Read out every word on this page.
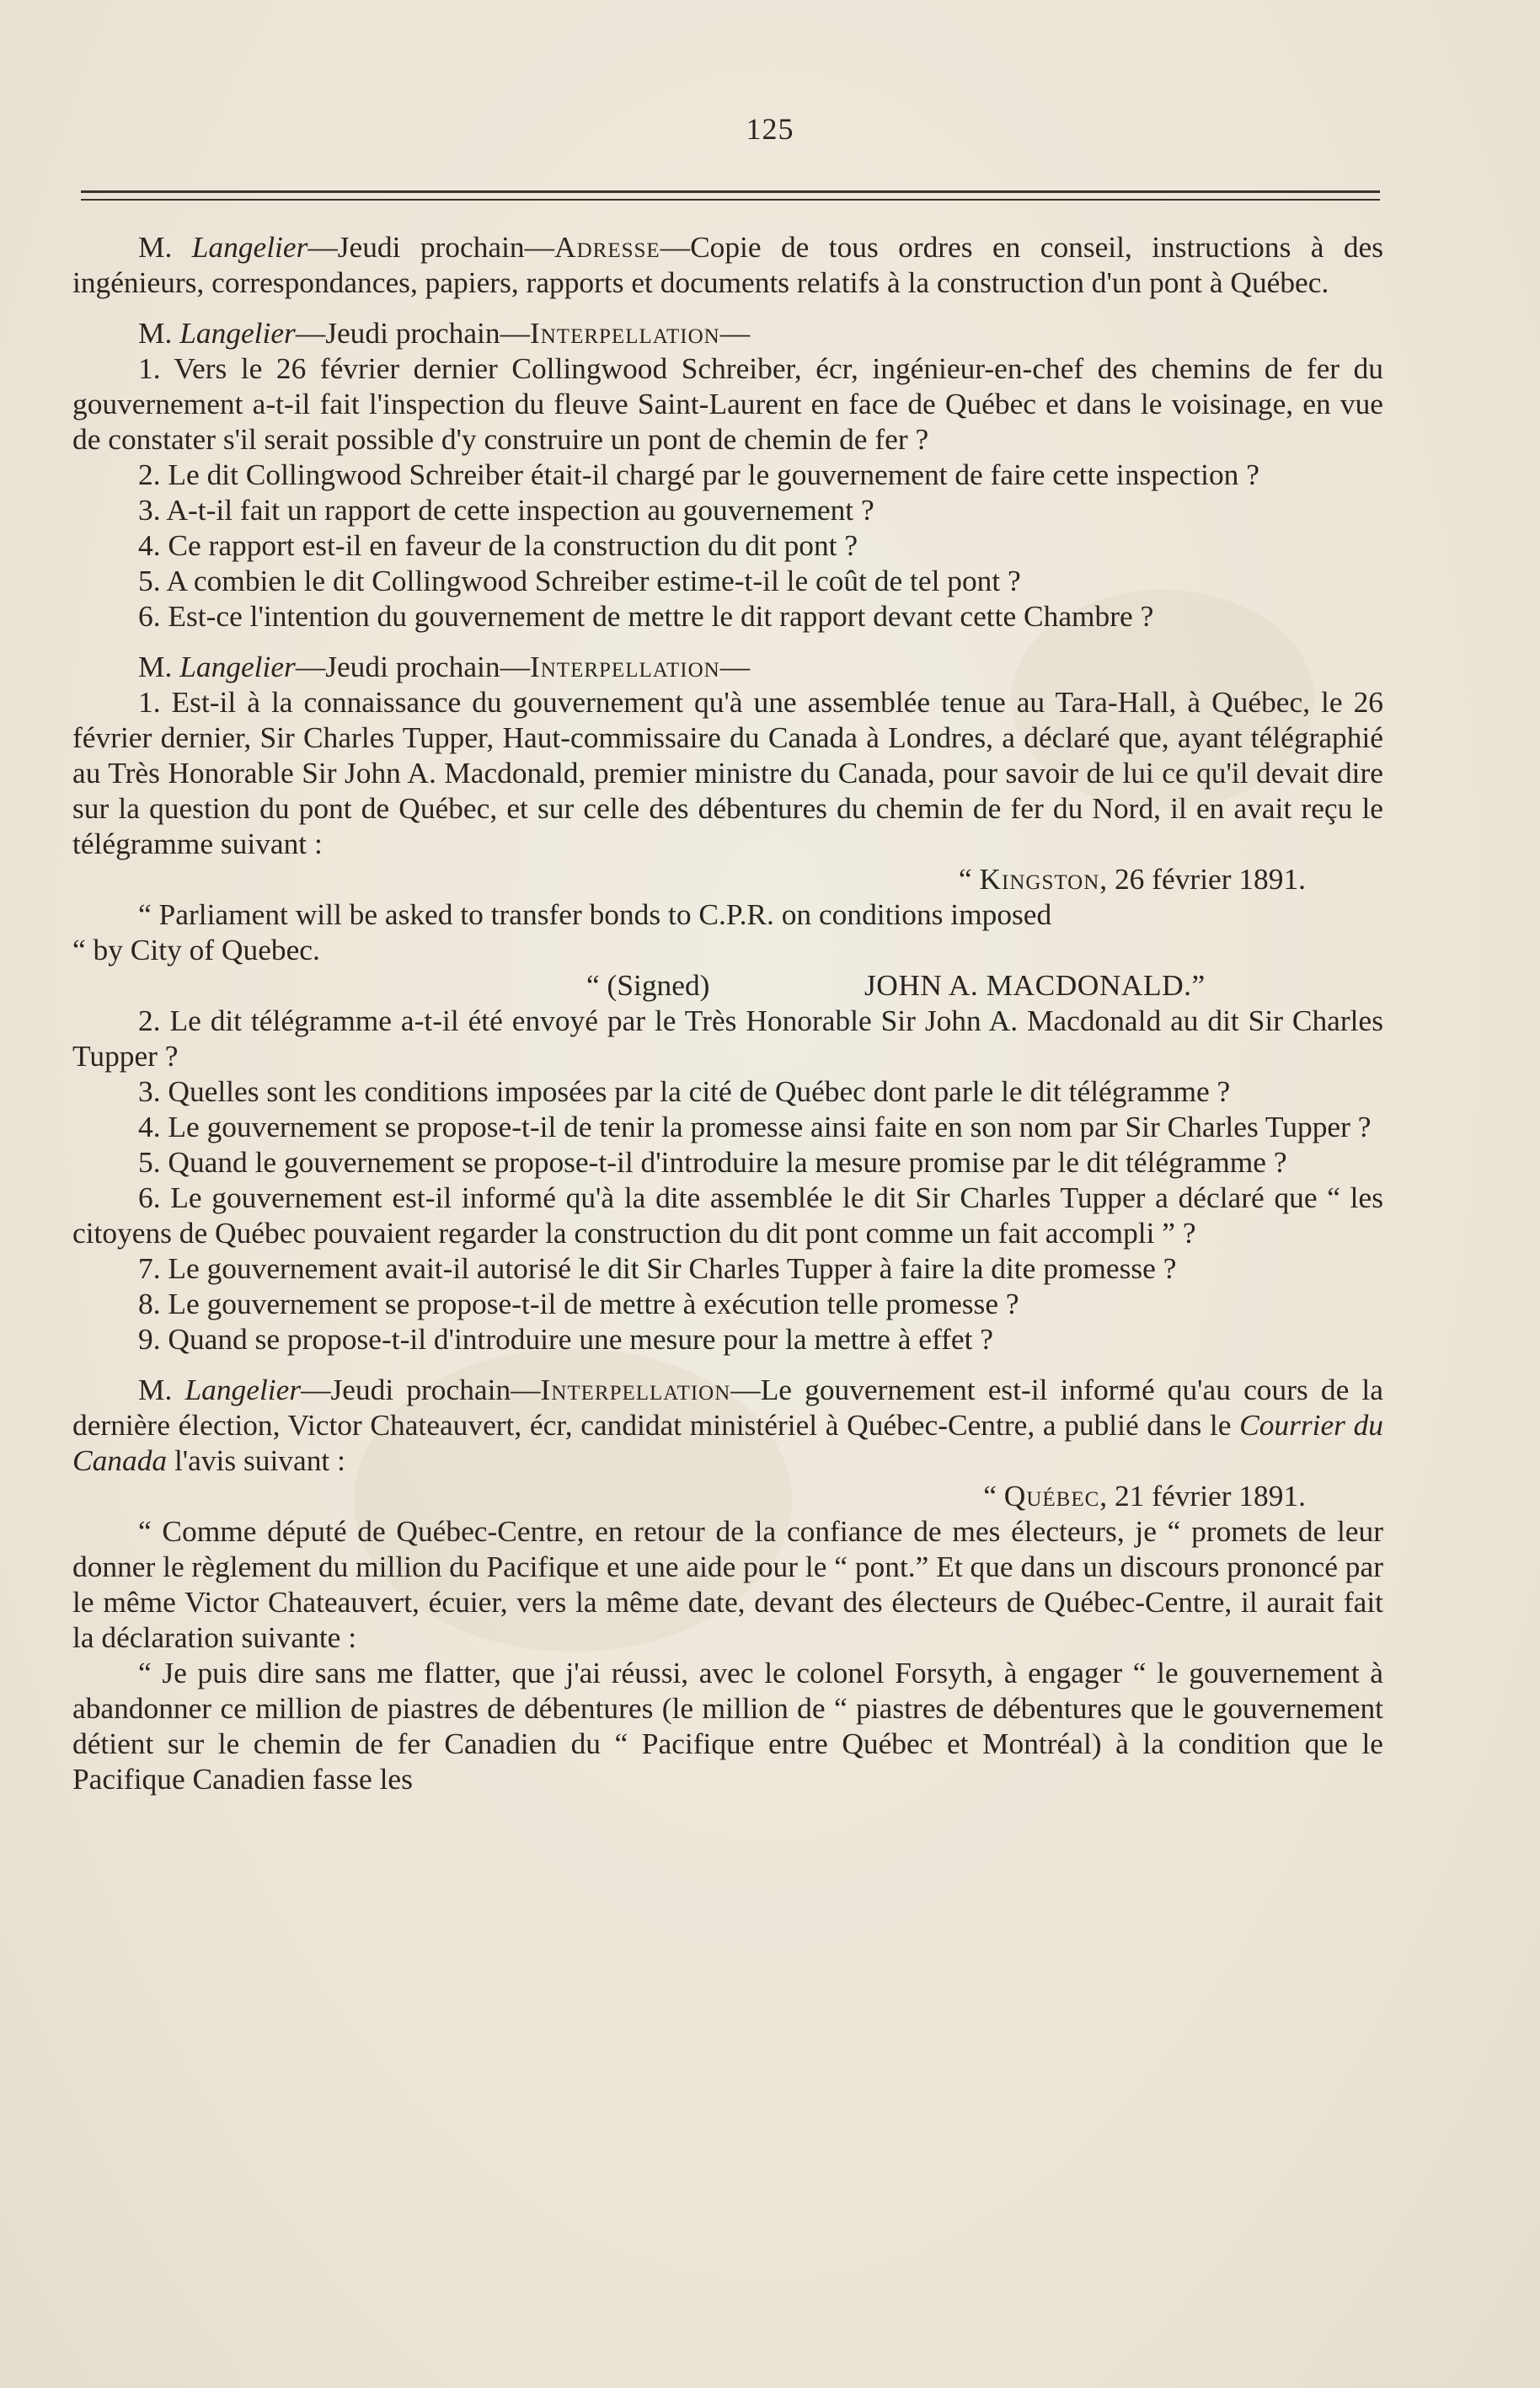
125

M. Langelier—Jeudi prochain—Adresse—Copie de tous ordres en conseil, instructions à des ingénieurs, correspondances, papiers, rapports et documents relatifs à la construction d'un pont à Québec.

M. Langelier—Jeudi prochain—Interpellation—

1. Vers le 26 février dernier Collingwood Schreiber, écr, ingénieur-en-chef des chemins de fer du gouvernement a-t-il fait l'inspection du fleuve Saint-Laurent en face de Québec et dans le voisinage, en vue de constater s'il serait possible d'y construire un pont de chemin de fer ?

2. Le dit Collingwood Schreiber était-il chargé par le gouvernement de faire cette inspection ?

3. A-t-il fait un rapport de cette inspection au gouvernement ?

4. Ce rapport est-il en faveur de la construction du dit pont ?

5. A combien le dit Collingwood Schreiber estime-t-il le coût de tel pont ?

6. Est-ce l'intention du gouvernement de mettre le dit rapport devant cette Chambre ?

M. Langelier—Jeudi prochain—Interpellation—

1. Est-il à la connaissance du gouvernement qu'à une assemblée tenue au Tara-Hall, à Québec, le 26 février dernier, Sir Charles Tupper, Haut-commissaire du Canada à Londres, a déclaré que, ayant télégraphié au Très Honorable Sir John A. Macdonald, premier ministre du Canada, pour savoir de lui ce qu'il devait dire sur la question du pont de Québec, et sur celle des débentures du chemin de fer du Nord, il en avait reçu le télégramme suivant :

“ Kingston, 26 février 1891.

“ Parliament will be asked to transfer bonds to C.P.R. on conditions imposed

“ by City of Quebec.

“ (Signed)	JOHN A. MACDONALD.”

2. Le dit télégramme a-t-il été envoyé par le Très Honorable Sir John A. Macdonald au dit Sir Charles Tupper ?

3. Quelles sont les conditions imposées par la cité de Québec dont parle le dit télégramme ?

4. Le gouvernement se propose-t-il de tenir la promesse ainsi faite en son nom par Sir Charles Tupper ?

5. Quand le gouvernement se propose-t-il d'introduire la mesure promise par le dit télégramme ?

6. Le gouvernement est-il informé qu'à la dite assemblée le dit Sir Charles Tupper a déclaré que “ les citoyens de Québec pouvaient regarder la construction du dit pont comme un fait accompli ” ?

7. Le gouvernement avait-il autorisé le dit Sir Charles Tupper à faire la dite promesse ?

8. Le gouvernement se propose-t-il de mettre à exécution telle promesse ?

9. Quand se propose-t-il d'introduire une mesure pour la mettre à effet ?

M. Langelier—Jeudi prochain—Interpellation—Le gouvernement est-il informé qu'au cours de la dernière élection, Victor Chateauvert, écr, candidat ministériel à Québec-Centre, a publié dans le Courrier du Canada l'avis suivant :

“ Québec, 21 février 1891.

“ Comme député de Québec-Centre, en retour de la confiance de mes électeurs, je “ promets de leur donner le règlement du million du Pacifique et une aide pour le “ pont.” Et que dans un discours prononcé par le même Victor Chateauvert, écuier, vers la même date, devant des électeurs de Québec-Centre, il aurait fait la déclaration suivante :

“ Je puis dire sans me flatter, que j'ai réussi, avec le colonel Forsyth, à engager “ le gouvernement à abandonner ce million de piastres de débentures (le million de “ piastres de débentures que le gouvernement détient sur le chemin de fer Canadien du “ Pacifique entre Québec et Montréal) à la condition que le Pacifique Canadien fasse les
